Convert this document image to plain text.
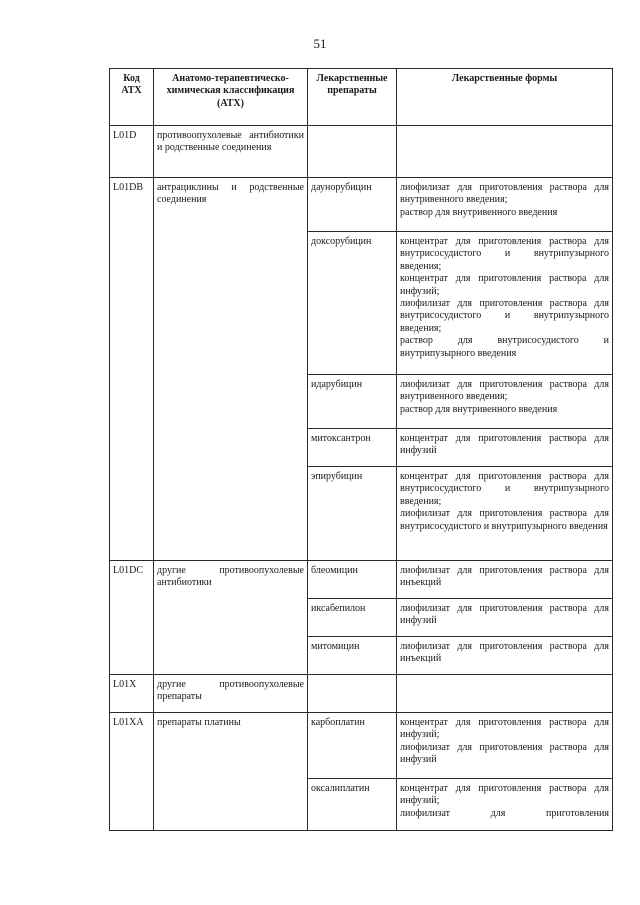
51
Код АТХ	Анатомо-терапевтическо-химическая классификация (АТХ)	Лекарственные препараты	Лекарственные формы
L01D	противоопухолевые антибиотики и родственные соединения		
L01DB	антрациклины и родственные соединения	даунорубицин	лиофилизат для приготовления раствора для внутривенного введения;
раствор для внутривенного введения

		доксорубицин	концентрат для приготовления раствора для внутрисосудистого и внутрипузырного введения;
концентрат для приготовления раствора для инфузий;
лиофилизат для приготовления раствора для внутрисосудистого и внутрипузырного введения;
раствор для внутрисосудистого и внутрипузырного введения

		идарубицин	лиофилизат для приготовления раствора для внутривенного введения;
раствор для внутривенного введения

		митоксантрон	концентрат для приготовления раствора для инфузий

		эпирубицин	концентрат для приготовления раствора для внутрисосудистого и внутрипузырного введения;
лиофилизат для приготовления раствора для внутрисосудистого и внутрипузырного введения

L01DC	другие противоопухолевые антибиотики	блеомицин	лиофилизат для приготовления раствора для инъекций

		иксабепилон	лиофилизат для приготовления раствора для инфузий

		митомицин	лиофилизат для приготовления раствора для инъекций

L01X	другие противоопухолевые препараты		
L01XA	препараты платины	карбоплатин	концентрат для приготовления раствора для инфузий;
лиофилизат для приготовления раствора для инфузий

		оксалиплатин	концентрат для приготовления раствора для инфузий;
лиофилизат для приготовления
